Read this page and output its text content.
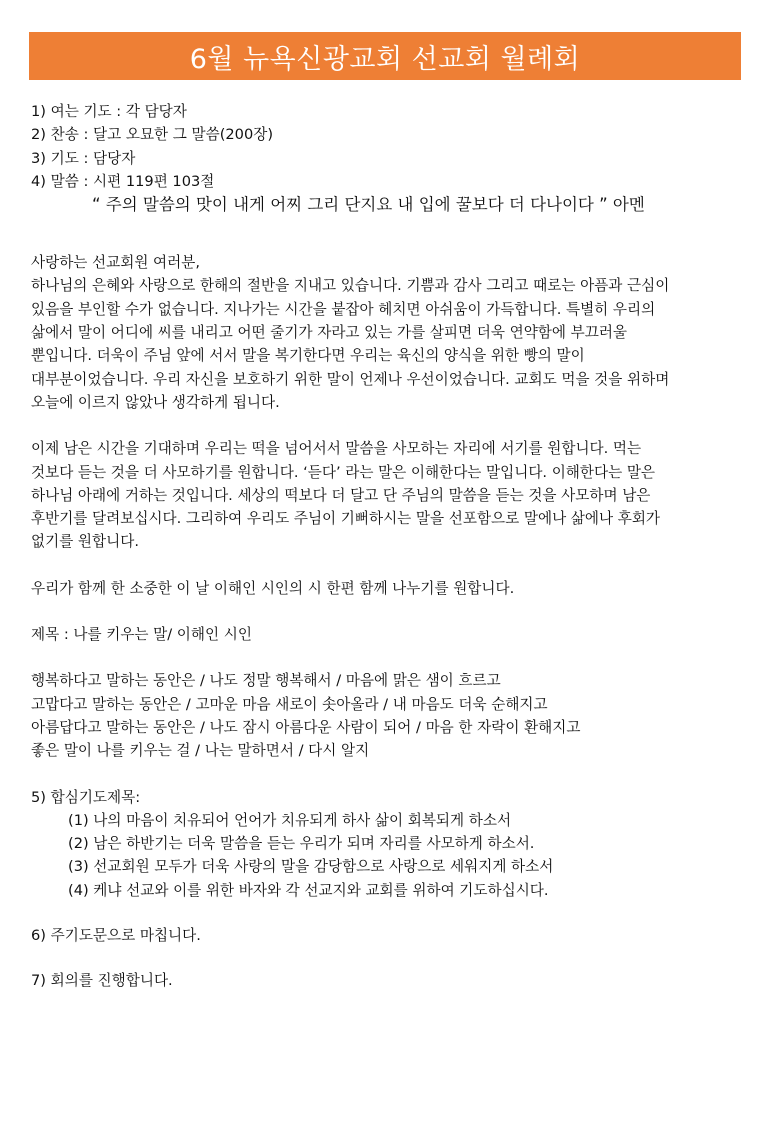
6월 뉴욕신광교회 선교회 월례회

1) 여는 기도 : 각 담당자

2) 찬송 : 달고 오묘한 그 말씀(200장)

3) 기도 : 담당자

4) 말씀 : 시편 119편 103절

“ 주의 말씀의 맛이 내게 어찌 그리 단지요 내 입에 꿀보다 더 다나이다 ” 아멘

사랑하는 선교회원 여러분,

하나님의 은혜와 사랑으로 한해의 절반을 지내고 있습니다. 기쁨과 감사 그리고 때로는 아픔과 근심이

있음을 부인할 수가 없습니다. 지나가는 시간을 붙잡아 헤치면 아쉬움이 가득합니다. 특별히 우리의

삶에서 말이 어디에 씨를 내리고 어떤 줄기가 자라고 있는 가를 살피면 더욱 연약함에 부끄러울

뿐입니다. 더욱이 주님 앞에 서서 말을 복기한다면 우리는 육신의 양식을 위한 빵의 말이

대부분이었습니다. 우리 자신을 보호하기 위한 말이 언제나 우선이었습니다. 교회도 먹을 것을 위하며

오늘에 이르지 않았나 생각하게 됩니다.

이제 남은 시간을 기대하며 우리는 떡을 넘어서서 말씀을 사모하는 자리에 서기를 원합니다. 먹는

것보다 듣는 것을 더 사모하기를 원합니다. ‘듣다’ 라는 말은 이해한다는 말입니다. 이해한다는 말은

하나님 아래에 거하는 것입니다. 세상의 떡보다 더 달고 단 주님의 말씀을 듣는 것을 사모하며 남은

후반기를 달려보십시다. 그리하여 우리도 주님이 기뻐하시는 말을 선포함으로 말에나 삶에나 후회가

없기를 원합니다.

우리가 함께 한 소중한 이 날 이해인 시인의 시 한편 함께 나누기를 원합니다.

제목 : 나를 키우는 말/ 이해인 시인

행복하다고 말하는 동안은 / 나도 정말 행복해서 / 마음에 맑은 샘이 흐르고

고맙다고 말하는 동안은 / 고마운 마음 새로이 솟아올라 / 내 마음도 더욱 순해지고

아름답다고 말하는 동안은 / 나도 잠시 아름다운 사람이 되어 / 마음 한 자락이 환해지고

좋은 말이 나를 키우는 걸 / 나는 말하면서 / 다시 알지

5) 합심기도제목:

(1) 나의 마음이 치유되어 언어가 치유되게 하사 삶이 회복되게 하소서

(2) 남은 하반기는 더욱 말씀을 듣는 우리가 되며 자리를 사모하게 하소서.

(3) 선교회원 모두가 더욱 사랑의 말을 감당함으로 사랑으로 세워지게 하소서

(4) 케냐 선교와 이를 위한 바자와 각 선교지와 교회를 위하여 기도하십시다.

6) 주기도문으로 마칩니다.

7) 회의를 진행합니다.
